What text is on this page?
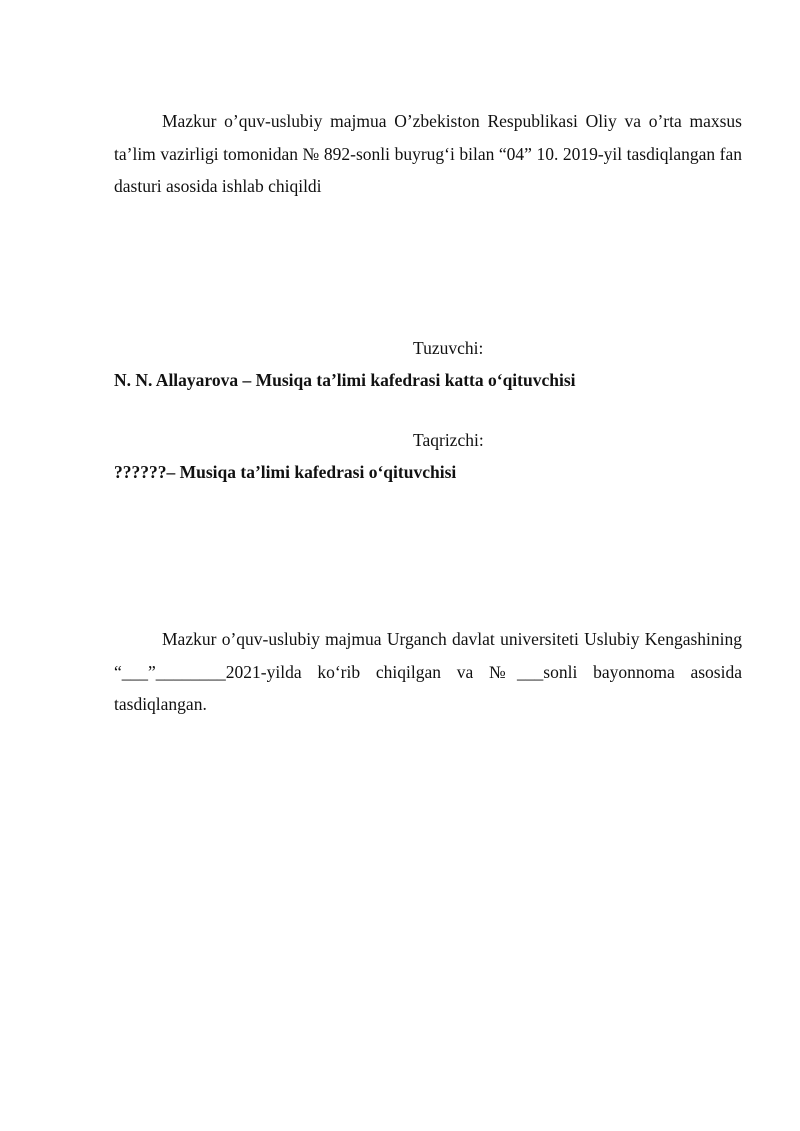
Mazkur o’quv-uslubiy majmua O’zbekiston Respublikasi Oliy va o’rta maxsus ta’lim vazirligi tomonidan № 892-sonli buyrug‘i bilan “04” 10. 2019-yil tasdiqlangan fan dasturi asosida ishlab chiqildi

Tuzuvchi:

N. N. Allayarova – Musiqa ta’limi kafedrasi katta o‘qituvchisi

Taqrizchi:

??????– Musiqa ta’limi kafedrasi o‘qituvchisi

Mazkur o’quv-uslubiy majmua Urganch davlat universiteti Uslubiy Kengashining “___”________2021-yilda ko‘rib chiqilgan va №___sonli bayonnoma asosida tasdiqlangan.
